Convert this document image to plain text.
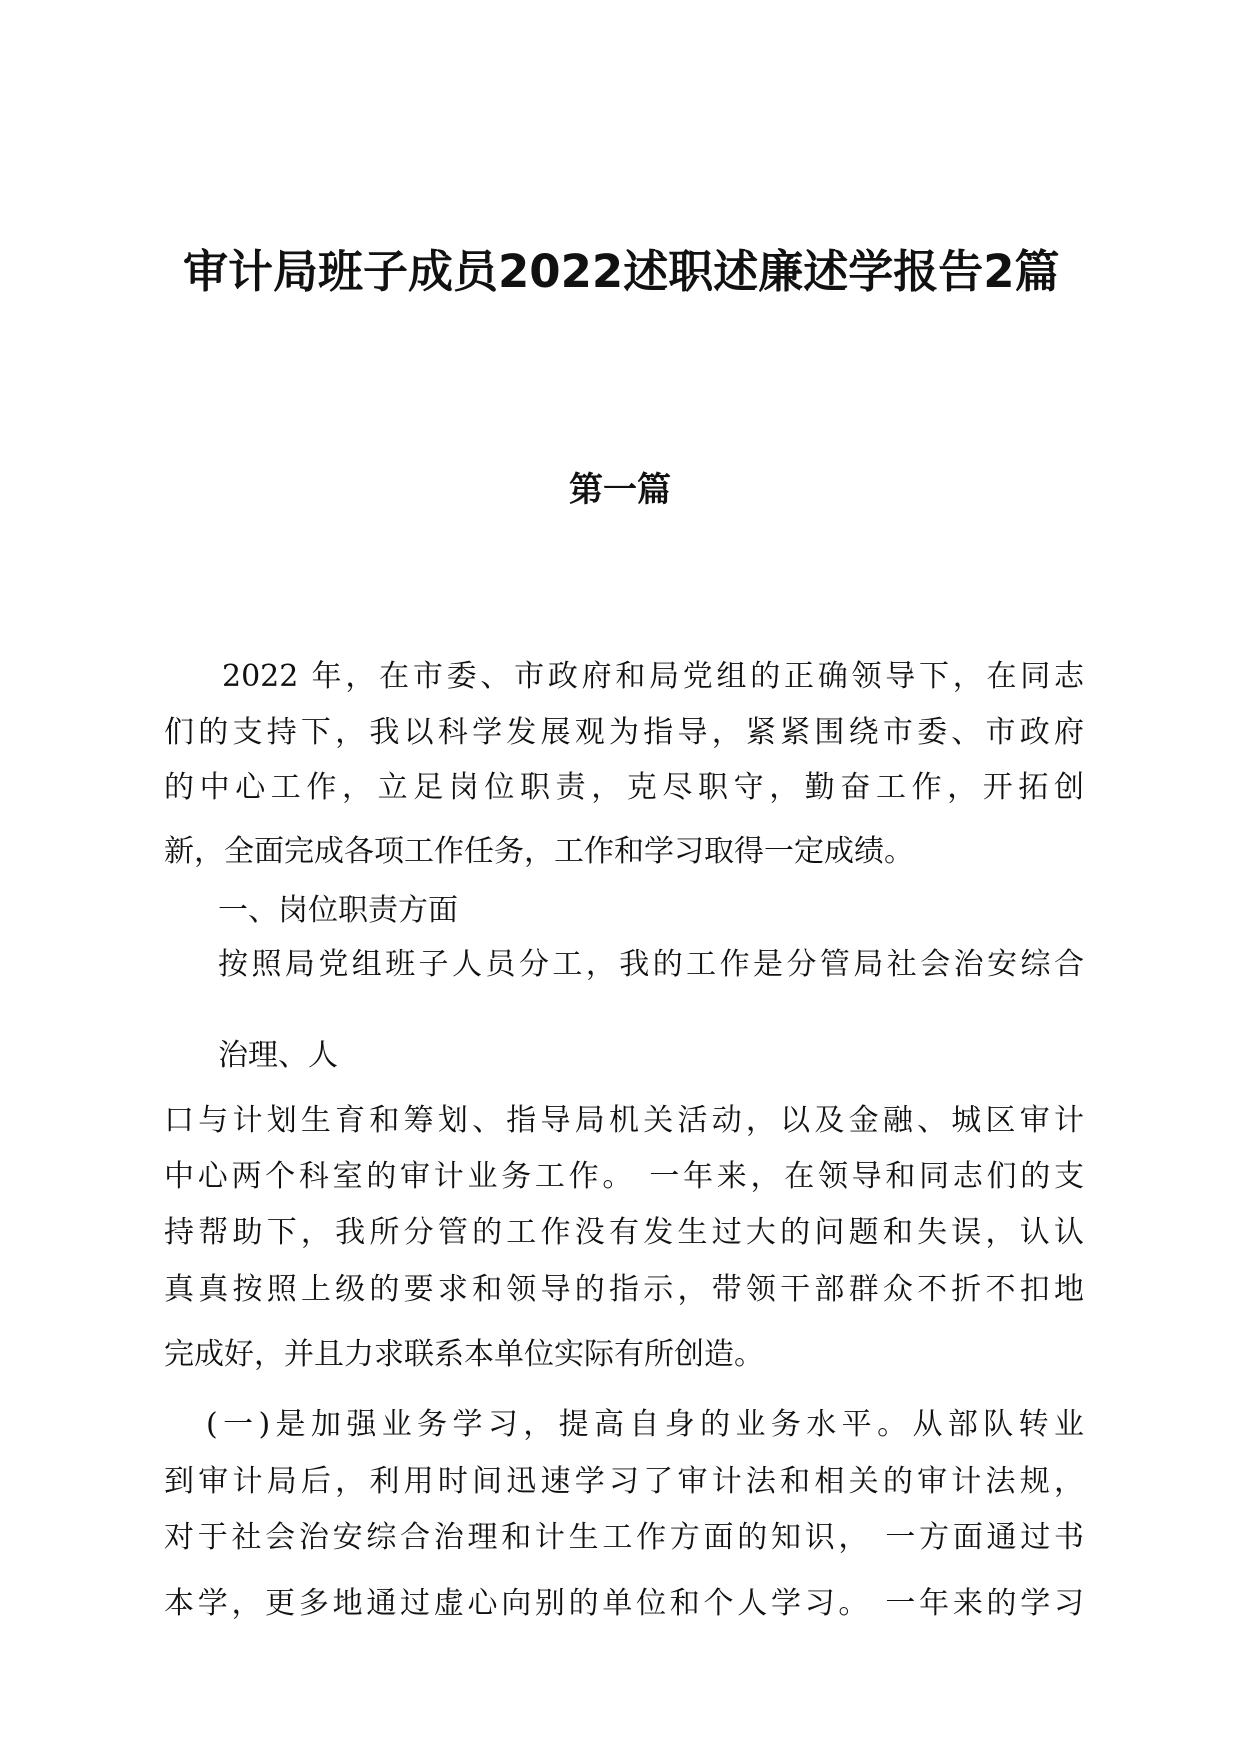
审计局班子成员2022述职述廉述学报告2篇
第一篇
2022 年，在市委、市政府和局党组的正确领导下，在同志
们的支持下，我以科学发展观为指导，紧紧围绕市委、市政府
的中心工作，立足岗位职责，克尽职守，勤奋工作，开拓创
新，全面完成各项工作任务，工作和学习取得一定成绩。
一、岗位职责方面
按照局党组班子人员分工，我的工作是分管局社会治安综合
治理、人
口与计划生育和筹划、指导局机关活动，以及金融、城区审计
中心两个科室的审计业务工作。 一年来，在领导和同志们的支
持帮助下，我所分管的工作没有发生过大的问题和失误，认认
真真按照上级的要求和领导的指示，带领干部群众不折不扣地
完成好，并且力求联系本单位实际有所创造。
(一)是加强业务学习，提高自身的业务水平。从部队转业
到审计局后，利用时间迅速学习了审计法和相关的审计法规，
对于社会治安综合治理和计生工作方面的知识， 一方面通过书
本学，更多地通过虚心向别的单位和个人学习。 一年来的学习
